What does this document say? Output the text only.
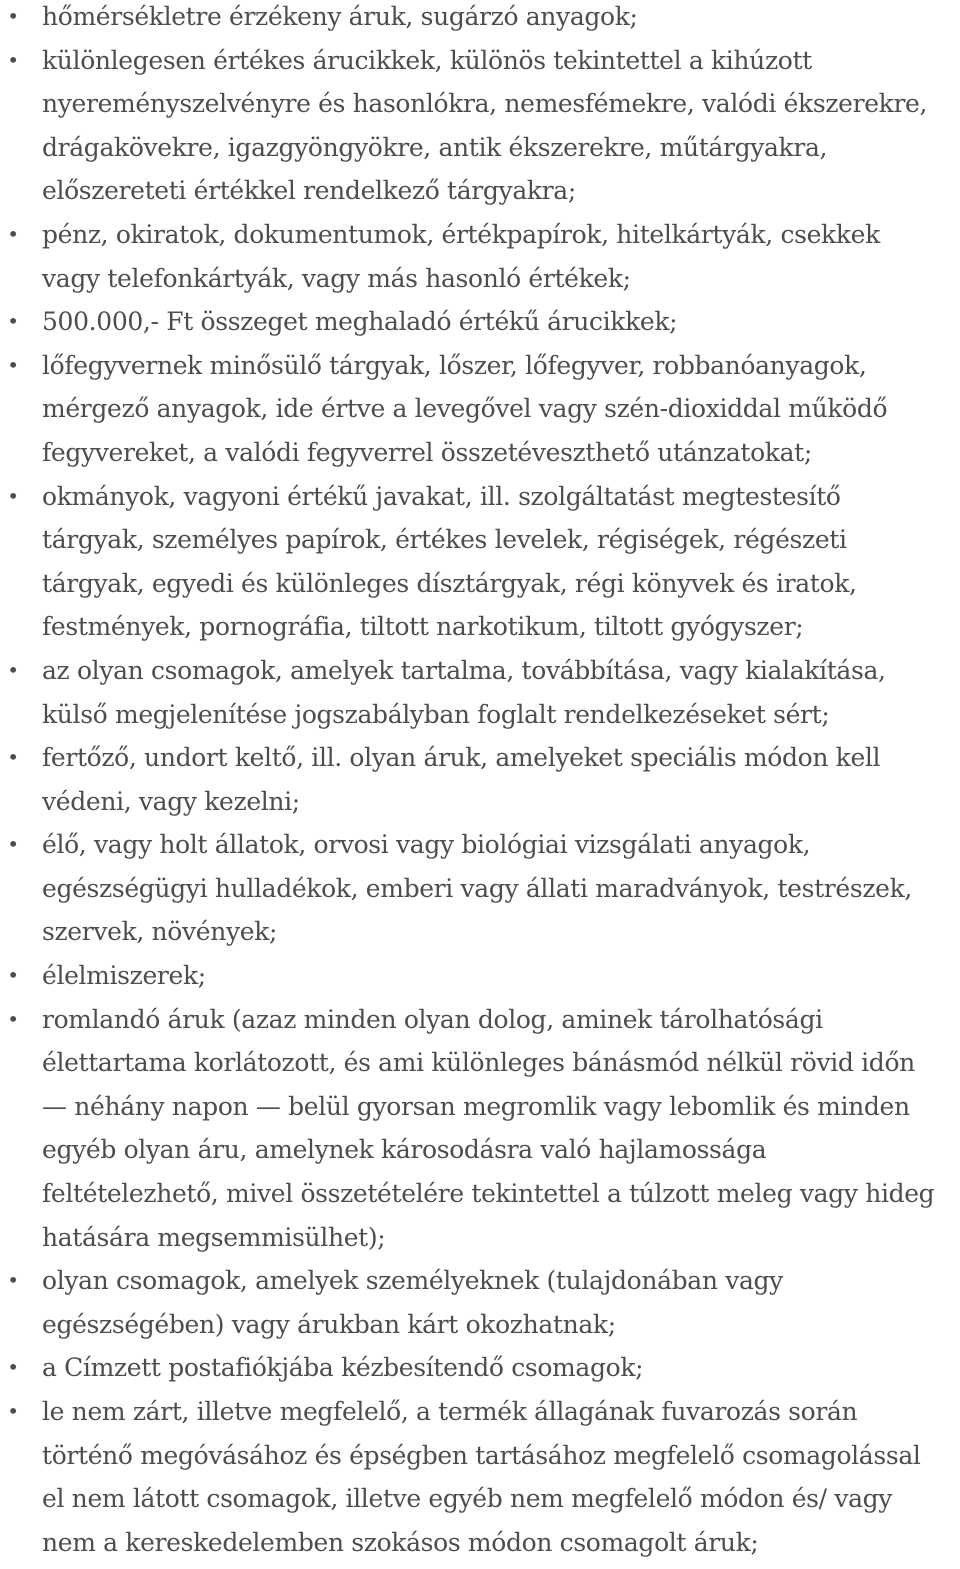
• hőmérsékletre érzékeny áruk, sugárzó anyagok;
• különlegesen értékes árucikkek, különös tekintettel a kihúzott
nyereményszelvényre és hasonlókra, nemesfémekre, valódi ékszerekre,
drágakövekre, igazgyöngyökre, antik ékszerekre, műtárgyakra,
előszereteti értékkel rendelkező tárgyakra;
• pénz, okiratok, dokumentumok, értékpapírok, hitelkártyák, csekkek
vagy telefonkártyák, vagy más hasonló értékek;
• 500.000,- Ft összeget meghaladó értékű árucikkek;
• lőfegyvernek minősülő tárgyak, lőszer, lőfegyver, robbanóanyagok,
mérgező anyagok, ide értve a levegővel vagy szén-dioxiddal működő
fegyvereket, a valódi fegyverrel összetéveszthető utánzatokat;
• okmányok, vagyoni értékű javakat, ill. szolgáltatást megtestesítő
tárgyak, személyes papírok, értékes levelek, régiségek, régészeti
tárgyak, egyedi és különleges dísztárgyak, régi könyvek és iratok,
festmények, pornográfia, tiltott narkotikum, tiltott gyógyszer;
• az olyan csomagok, amelyek tartalma, továbbítása, vagy kialakítása,
külső megjelenítése jogszabályban foglalt rendelkezéseket sért;
• fertőző, undort keltő, ill. olyan áruk, amelyeket speciális módon kell
védeni, vagy kezelni;
• élő, vagy holt állatok, orvosi vagy biológiai vizsgálati anyagok,
egészségügyi hulladékok, emberi vagy állati maradványok, testrészek,
szervek, növények;
• élelmiszerek;
• romlandó áruk (azaz minden olyan dolog, aminek tárolhatósági
élettartama korlátozott, és ami különleges bánásmód nélkül rövid időn
— néhány napon — belül gyorsan megromlik vagy lebomlik és minden
egyéb olyan áru, amelynek károsodásra való hajlamossága
feltételezhető, mivel összetételére tekintettel a túlzott meleg vagy hideg
hatására megsemmisülhet);
• olyan csomagok, amelyek személyeknek (tulajdonában vagy
egészségében) vagy árukban kárt okozhatnak;
• a Címzett postafiókjába kézbesítendő csomagok;
• le nem zárt, illetve megfelelő, a termék állagának fuvarozás során
történő megóvásához és épségben tartásához megfelelő csomagolással
el nem látott csomagok, illetve egyéb nem megfelelő módon és/ vagy
nem a kereskedelemben szokásos módon csomagolt áruk;
